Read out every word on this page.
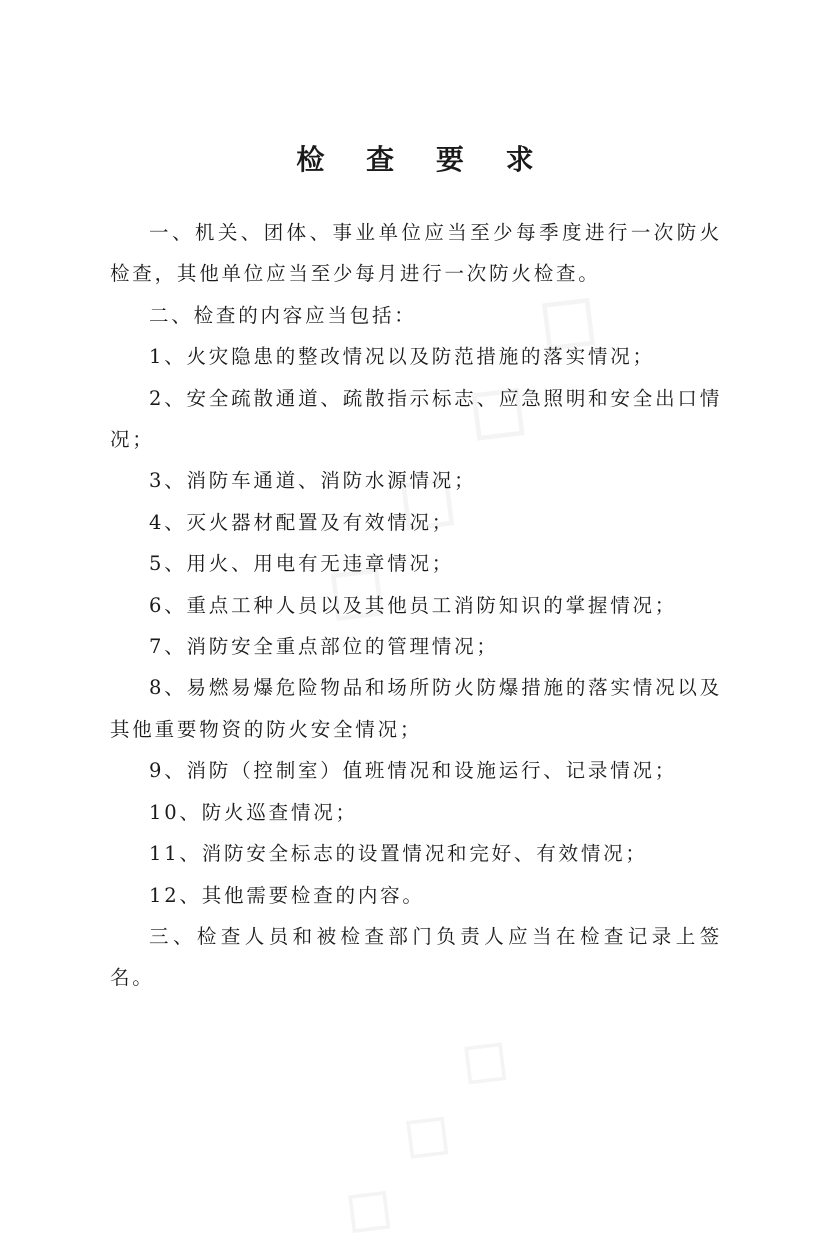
检 查 要 求

一、机关、团体、事业单位应当至少每季度进行一次防火检查，其他单位应当至少每月进行一次防火检查。

二、检查的内容应当包括：

1、火灾隐患的整改情况以及防范措施的落实情况；

2、安全疏散通道、疏散指示标志、应急照明和安全出口情况；

3、消防车通道、消防水源情况；

4、灭火器材配置及有效情况；

5、用火、用电有无违章情况；

6、重点工种人员以及其他员工消防知识的掌握情况；

7、消防安全重点部位的管理情况；

8、易燃易爆危险物品和场所防火防爆措施的落实情况以及其他重要物资的防火安全情况；

9、消防（控制室）值班情况和设施运行、记录情况；

10、防火巡查情况；

11、消防安全标志的设置情况和完好、有效情况；

12、其他需要检查的内容。

三、检查人员和被检查部门负责人应当在检查记录上签名。
